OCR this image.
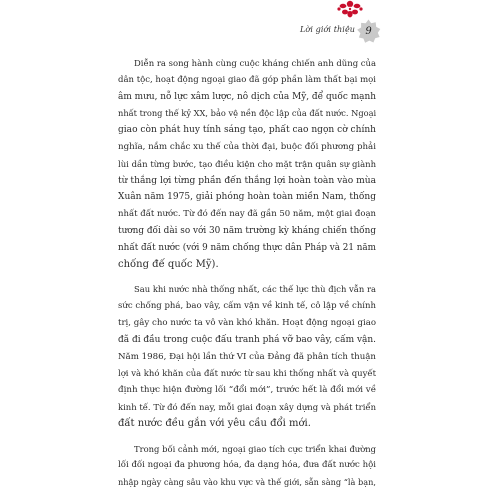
Lời giới thiệu	9
Diễn ra song hành cùng cuộc kháng chiến anh dũng của
dân tộc, hoạt động ngoại giao đã góp phần làm thất bại mọi
âm mưu, nỗ lực xâm lược, nô dịch của Mỹ, để quốc mạnh
nhất trong thế kỷ XX, bảo vệ nền độc lập của đất nước. Ngoại
giao còn phát huy tính sáng tạo, phất cao ngọn cờ chính
nghĩa, nắm chắc xu thế của thời đại, buộc đối phương phải
lùi dần từng bước, tạo điều kiện cho mặt trận quân sự giành
từ thắng lợi từng phần đến thắng lợi hoàn toàn vào mùa
Xuân năm 1975, giải phóng hoàn toàn miền Nam, thống
nhất đất nước. Từ đó đến nay đã gần 50 năm, một giai đoạn
tương đối dài so với 30 năm trường kỳ kháng chiến thống
nhất đất nước (với 9 năm chống thực dân Pháp và 21 năm
chống đế quốc Mỹ).
Sau khi nước nhà thống nhất, các thế lực thù địch vẫn ra
sức chống phá, bao vây, cấm vận về kinh tế, cô lập về chính
trị, gây cho nước ta vô vàn khó khăn. Hoạt động ngoại giao
đã đi đầu trong cuộc đấu tranh phá vỡ bao vây, cấm vận.
Năm 1986, Đại hội lần thứ VI của Đảng đã phân tích thuận
lợi và khó khăn của đất nước từ sau khi thống nhất và quyết
định thực hiện đường lối “đổi mới”, trước hết là đổi mới về
kinh tế. Từ đó đến nay, mỗi giai đoạn xây dựng và phát triển
đất nước đều gắn với yêu cầu đổi mới.
Trong bối cảnh mới, ngoại giao tích cực triển khai đường
lối đối ngoại đa phương hóa, đa dạng hóa, đưa đất nước hội
nhập ngày càng sâu vào khu vực và thế giới, sẵn sàng “là bạn,
